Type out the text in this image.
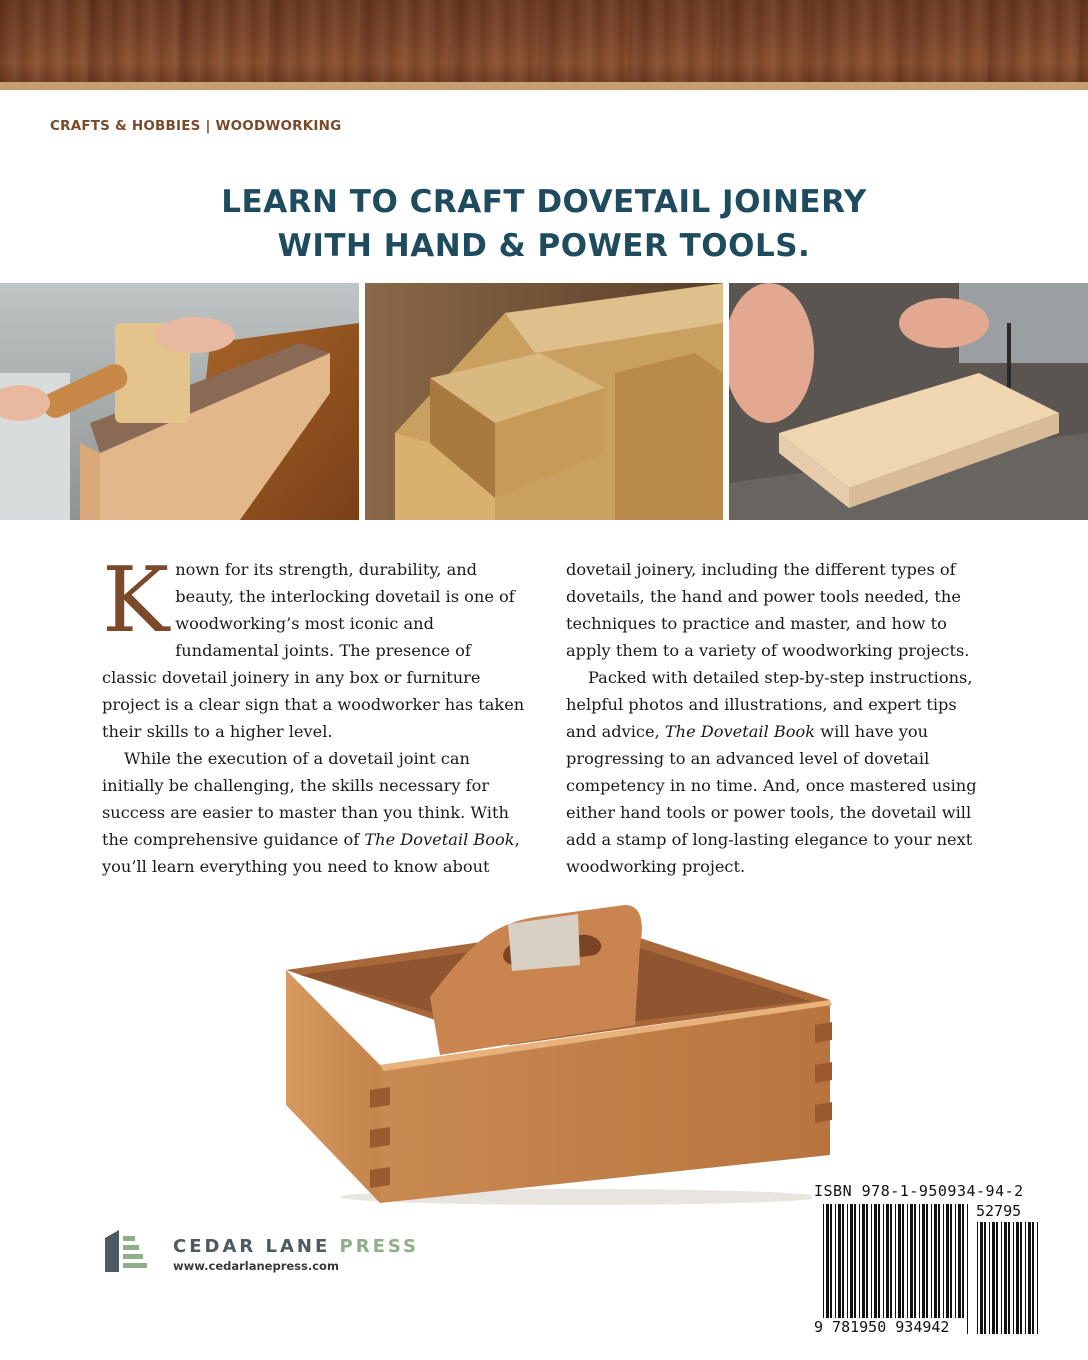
CRAFTS & HOBBIES | WOODWORKING
LEARN TO CRAFT DOVETAIL JOINERY
WITH HAND & POWER TOOLS.

Known for its strength, durability, and beauty, the interlocking dovetail is one of woodworking’s most iconic and fundamental joints. The presence of classic dovetail joinery in any box or furniture project is a clear sign that a woodworker has taken their skills to a higher level.

While the execution of a dovetail joint can initially be challenging, the skills necessary for success are easier to master than you think. With the comprehensive guidance of The Dovetail Book, you’ll learn everything you need to know about

dovetail joinery, including the different types of dovetails, the hand and power tools needed, the techniques to practice and master, and how to apply them to a variety of woodworking projects.

Packed with detailed step-by-step instructions, helpful photos and illustrations, and expert tips and advice, The Dovetail Book will have you progressing to an advanced level of dovetail competency in no time. And, once mastered using either hand tools or power tools, the dovetail will add a stamp of long-lasting elegance to your next woodworking project.

CEDAR LANE PRESS
www.cedarlanepress.com
ISBN 978-1-950934-94-2
52795
9 781950 934942
